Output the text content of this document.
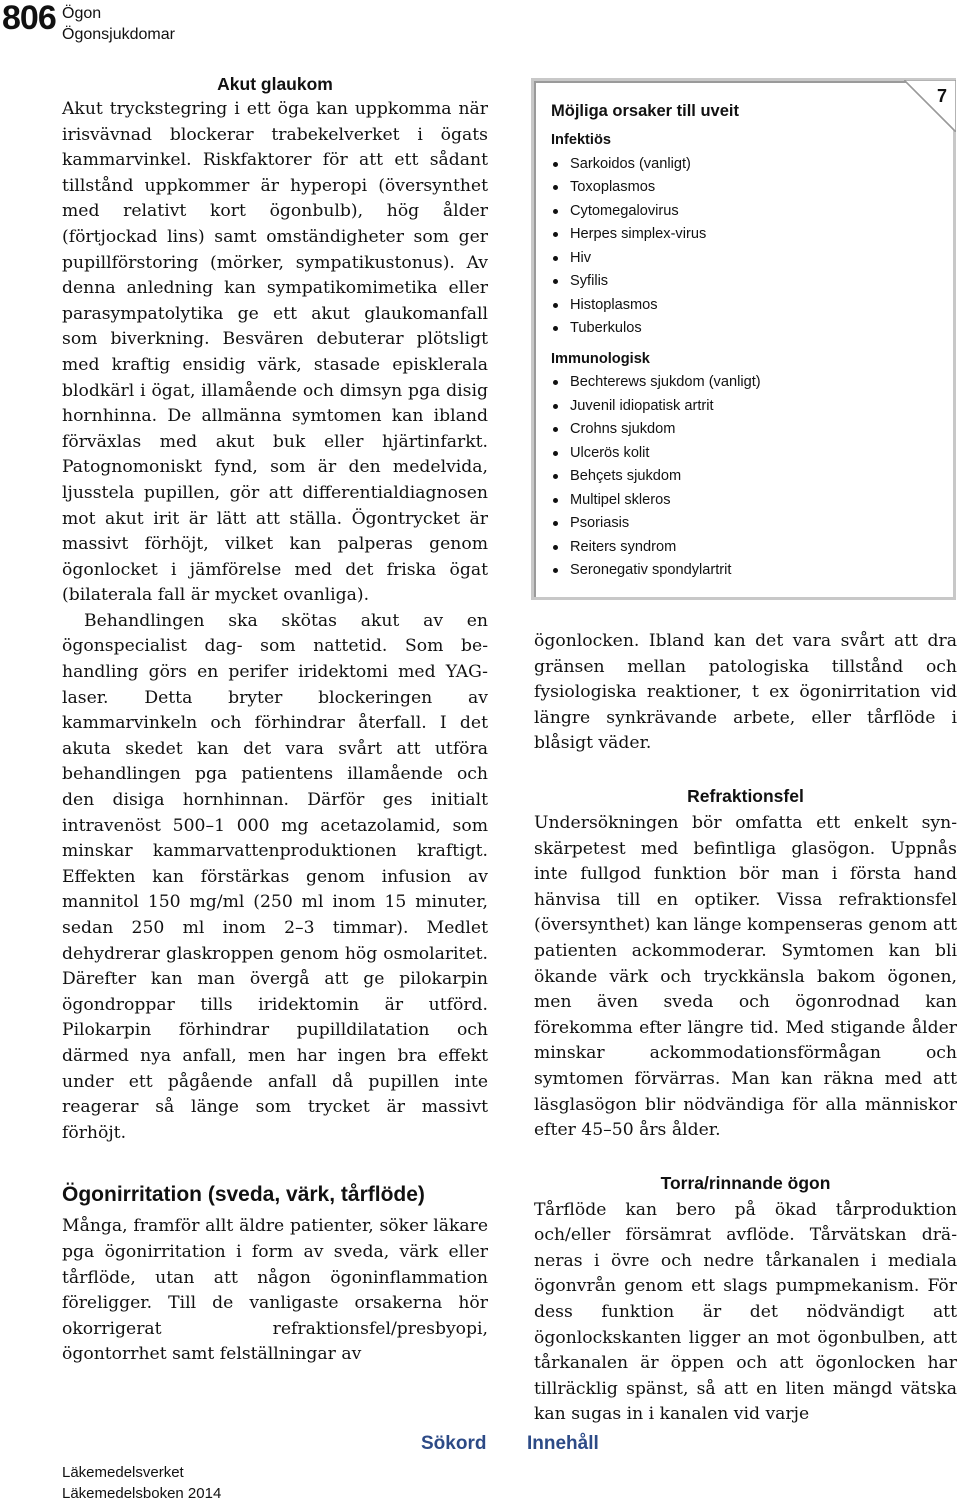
806 Ögon
Ögonsjukdomar

Akut glaukom

Akut tryckstegring i ett öga kan uppkomma när irisvävnad blockerar trabekelverket i ögats kammarvinkel. Riskfaktorer för att ett sådant tillstånd uppkommer är hyperopi (översynthet med relativt kort ögonbulb), hög ålder (förtjockad lins) samt omständigheter som ger pupillförstoring (mörker, sympatikustonus). Av denna anledning kan sympatikomimetika eller parasympatolytika ge ett akut glaukomanfall som biverkning. Besvären debuterar plötsligt med kraftig ensidig värk, stasade episklerala blodkärl i ögat, illamående och dimsyn pga disig hornhinna. De allmänna symtomen kan ibland förväxlas med akut buk eller hjärtinfarkt. Patognomoniskt fynd, som är den medelvida, ljusstela pupillen, gör att differentialdiagnosen mot akut irit är lätt att ställa. Ögontrycket är massivt förhöjt, vilket kan palperas genom ögonlocket i jämförelse med det friska ögat (bilaterala fall är mycket ovanliga).

Behandlingen ska skötas akut av en ögonspecialist dag- som nattetid. Som behandling görs en perifer iridektomi med YAG-laser. Detta bryter blockeringen av kammarvinkeln och förhindrar återfall. I det akuta skedet kan det vara svårt att utföra behandlingen pga patientens illamående och den disiga hornhinnan. Därför ges initialt intravenöst 500–1 000 mg acetazolamid, som minskar kammarvattenproduktionen kraftigt. Effekten kan förstärkas genom infusion av mannitol 150 mg/ml (250 ml inom 15 minuter, sedan 250 ml inom 2–3 timmar). Medlet dehydrerar glaskroppen genom hög osmolaritet. Därefter kan man övergå att ge pilokarpin ögondroppar tills iridektomin är utförd. Pilokarpin förhindrar pupilldilatation och därmed nya anfall, men har ingen bra effekt under ett pågående anfall då pupillen inte reagerar så länge som trycket är massivt förhöjt.

Ögonirritation (sveda, värk, tårflöde)

Många, framför allt äldre patienter, söker läkare pga ögonirritation i form av sveda, värk eller tårflöde, utan att någon ögoninflammation föreligger. Till de vanligaste orsakerna hör okorrigerat refraktionsfel/presbyopi, ögontorrhet samt felställningar av

7
Möjliga orsaker till uveit
Infektiös
Sarkoidos (vanligt)
Toxoplasmos
Cytomegalovirus
Herpes simplex-virus
Hiv
Syfilis
Histoplasmos
Tuberkulos
Immunologisk
Bechterews sjukdom (vanligt)
Juvenil idiopatisk artrit
Crohns sjukdom
Ulcerös kolit
Behçets sjukdom
Multipel skleros
Psoriasis
Reiters syndrom
Seronegativ spondylartrit

ögonlocken. Ibland kan det vara svårt att dra gränsen mellan patologiska tillstånd och fysiologiska reaktioner, t ex ögonirritation vid längre synkrävande arbete, eller tårflöde i blåsigt väder.

Refraktionsfel

Undersökningen bör omfatta ett enkelt synskärpetest med befintliga glasögon. Uppnås inte fullgod funktion bör man i första hand hänvisa till en optiker. Vissa refraktionsfel (översynthet) kan länge kompenseras genom att patienten ackommoderar. Symtomen kan bli ökande värk och tryckkänsla bakom ögonen, men även sveda och ögonrodnad kan förekomma efter längre tid. Med stigande ålder minskar ackommodationsförmågan och symtomen förvärras. Man kan räkna med att läsglasögon blir nödvändiga för alla människor efter 45–50 års ålder.

Torra/rinnande ögon

Tårflöde kan bero på ökad tårproduktion och/eller försämrat avflöde. Tårvätskan dräneras i övre och nedre tårkanalen i mediala ögonvrån genom ett slags pumpmekanism. För dess funktion är det nödvändigt att ögonlockskanten ligger an mot ögonbulben, att tårkanalen är öppen och att ögonlocken har tillräcklig spänst, så att en liten mängd vätska kan sugas in i kanalen vid varje

Sökord Innehåll
Läkemedelsverket
Läkemedelsboken 2014
